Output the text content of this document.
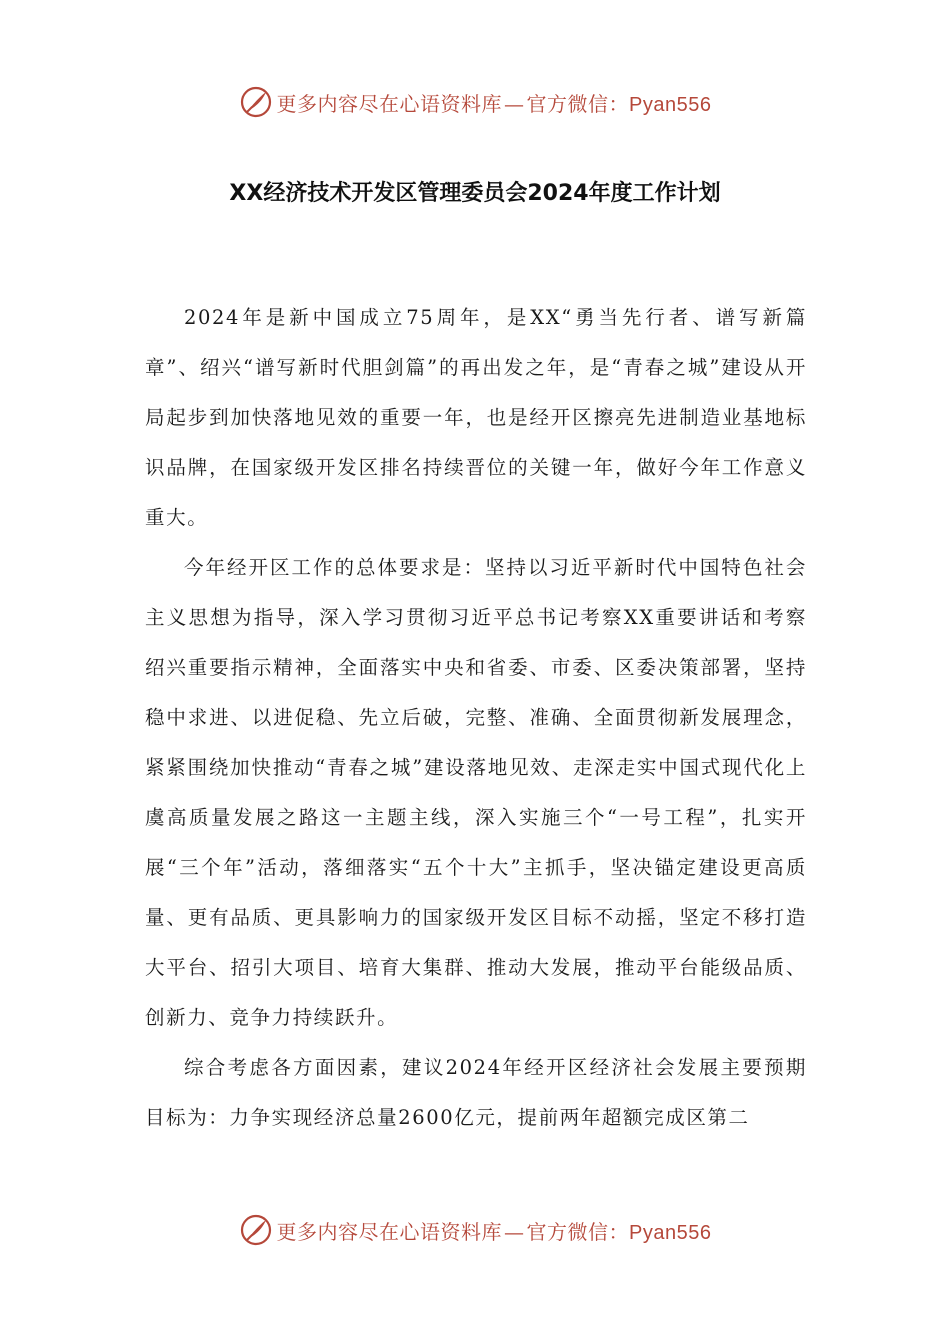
更多内容尽在心语资料库 — 官方微信：Pyan556
XX经济技术开发区管理委员会2024年度工作计划

2024年是新中国成立75周年，是XX“勇当先行者、谱写新篇章”、绍兴“谱写新时代胆剑篇”的再出发之年，是“青春之城”建设从开局起步到加快落地见效的重要一年，也是经开区擦亮先进制造业基地标识品牌，在国家级开发区排名持续晋位的关键一年，做好今年工作意义重大。

今年经开区工作的总体要求是：坚持以习近平新时代中国特色社会主义思想为指导，深入学习贯彻习近平总书记考察XX重要讲话和考察绍兴重要指示精神，全面落实中央和省委、市委、区委决策部署，坚持稳中求进、以进促稳、先立后破，完整、准确、全面贯彻新发展理念，紧紧围绕加快推动“青春之城”建设落地见效、走深走实中国式现代化上虞高质量发展之路这一主题主线，深入实施三个“一号工程”，扎实开展“三个年”活动，落细落实“五个十大”主抓手，坚决锚定建设更高质量、更有品质、更具影响力的国家级开发区目标不动摇，坚定不移打造大平台、招引大项目、培育大集群、推动大发展，推动平台能级品质、创新力、竞争力持续跃升。

综合考虑各方面因素，建议2024年经开区经济社会发展主要预期目标为：力争实现经济总量2600亿元，提前两年超额完成区第二

更多内容尽在心语资料库 — 官方微信：Pyan556
